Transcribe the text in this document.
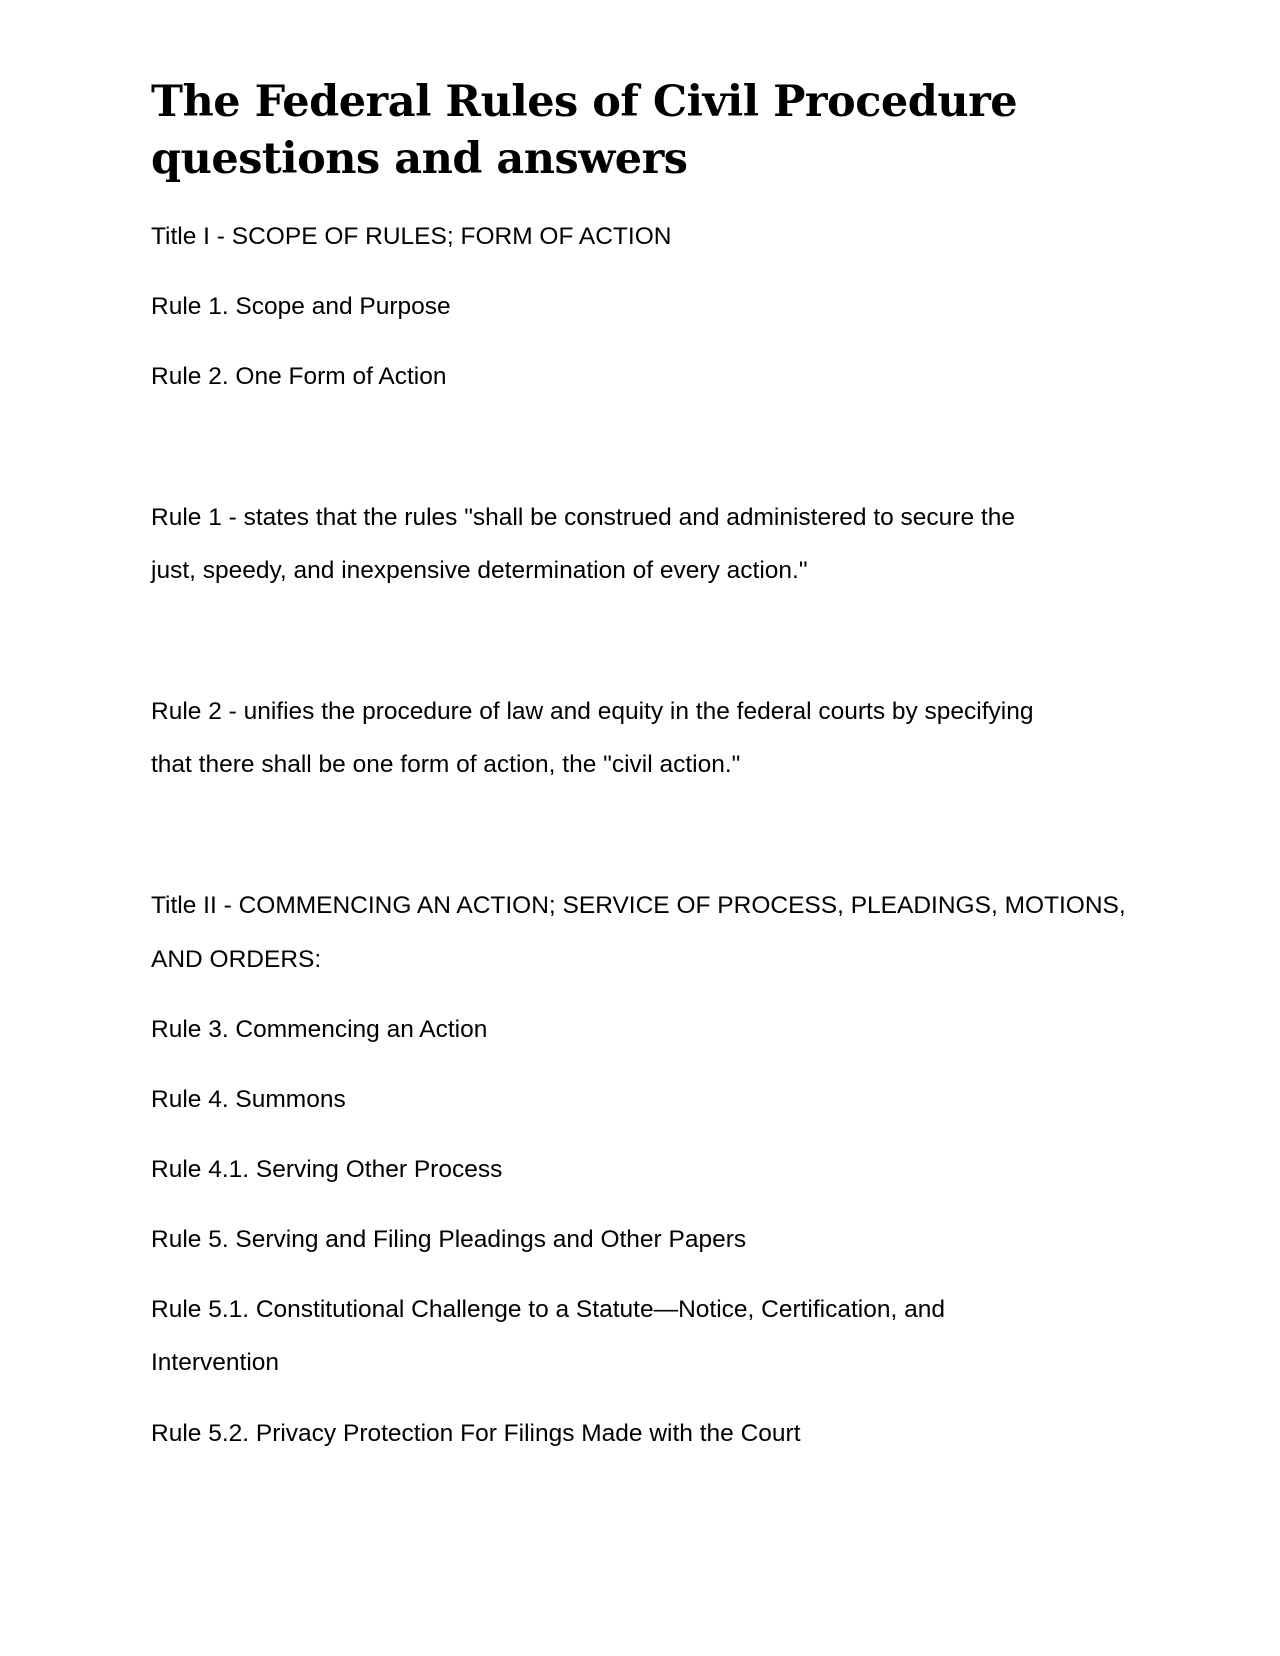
The Federal Rules of Civil Procedure
questions and answers

Title I - SCOPE OF RULES; FORM OF ACTION

Rule 1. Scope and Purpose

Rule 2. One Form of Action

Rule 1 - states that the rules "shall be construed and administered to secure the

just, speedy, and inexpensive determination of every action."

Rule 2 - unifies the procedure of law and equity in the federal courts by specifying

that there shall be one form of action, the "civil action."

Title II - COMMENCING AN ACTION; SERVICE OF PROCESS, PLEADINGS, MOTIONS,

AND ORDERS:

Rule 3. Commencing an Action

Rule 4. Summons

Rule 4.1. Serving Other Process

Rule 5. Serving and Filing Pleadings and Other Papers

Rule 5.1. Constitutional Challenge to a Statute—Notice, Certification, and

Intervention

Rule 5.2. Privacy Protection For Filings Made with the Court
